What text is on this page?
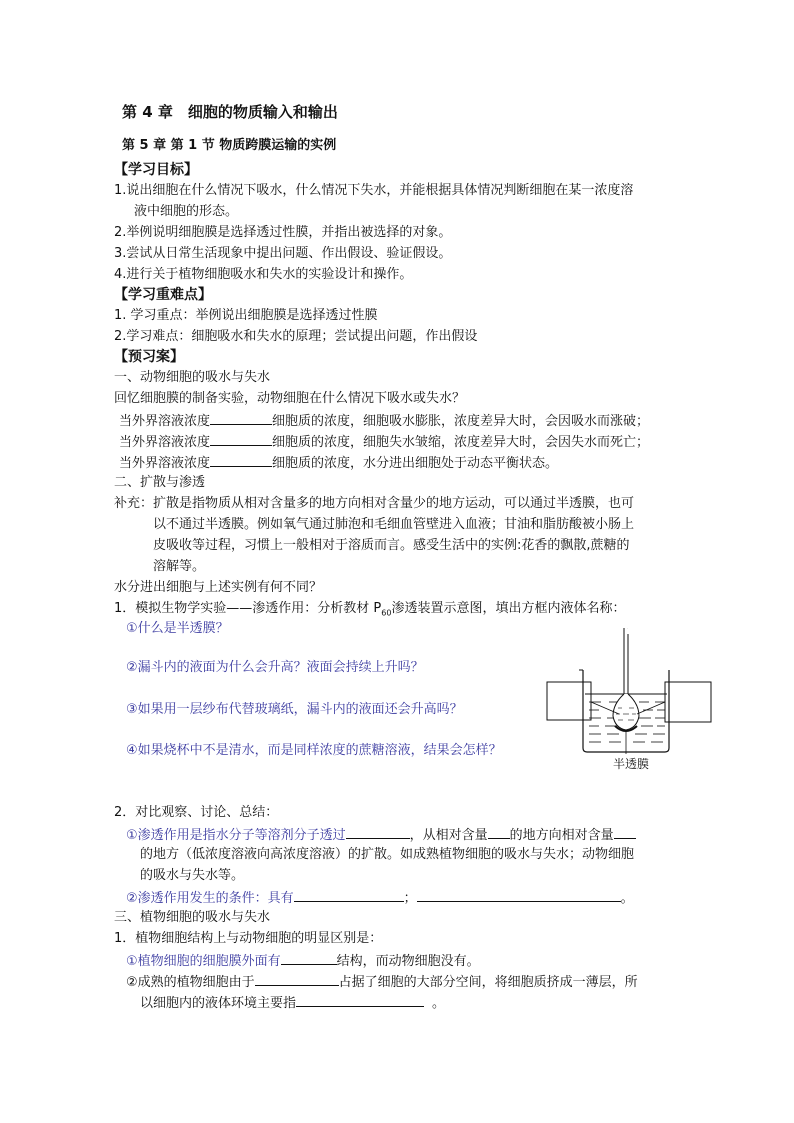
第 4 章　细胞的物质输入和输出
第 5 章 第 1 节 物质跨膜运输的实例
【学习目标】
1.说出细胞在什么情况下吸水，什么情况下失水，并能根据具体情况判断细胞在某一浓度溶
液中细胞的形态。
2.举例说明细胞膜是选择透过性膜，并指出被选择的对象。
3.尝试从日常生活现象中提出问题、作出假设、验证假设。
4.进行关于植物细胞吸水和失水的实验设计和操作。
【学习重难点】
1. 学习重点：举例说出细胞膜是选择透过性膜
2.学习难点：细胞吸水和失水的原理；尝试提出问题，作出假设
【预习案】
一、动物细胞的吸水与失水
回忆细胞膜的制备实验，动物细胞在什么情况下吸水或失水？
当外界溶液浓度	细胞质的浓度，细胞吸水膨胀，浓度差异大时，会因吸水而涨破；
当外界溶液浓度	细胞质的浓度，细胞失水皱缩，浓度差异大时，会因失水而死亡；
当外界溶液浓度	细胞质的浓度，水分进出细胞处于动态平衡状态。
二、扩散与渗透
补充：扩散是指物质从相对含量多的地方向相对含量少的地方运动，可以通过半透膜，也可
以不通过半透膜。例如氧气通过肺泡和毛细血管壁进入血液；甘油和脂肪酸被小肠上
皮吸收等过程，习惯上一般相对于溶质而言。感受生活中的实例:花香的飘散,蔗糖的
溶解等。
水分进出细胞与上述实例有何不同？
1．模拟生物学实验——渗透作用：分析教材 $P_{60}$渗透装置示意图，填出方框内液体名称：
①什么是半透膜？
②漏斗内的液面为什么会升高？液面会持续上升吗？
③如果用一层纱布代替玻璃纸，漏斗内的液面还会升高吗？
④如果烧杯中不是清水，而是同样浓度的蔗糖溶液，结果会怎样？
半透膜
2．对比观察、讨论、总结：
①渗透作用是指水分子等溶剂分子透过	，从相对含量 的地方向相对含量
的地方（低浓度溶液向高浓度溶液）的扩散。如成熟植物细胞的吸水与失水；动物细胞
的吸水与失水等。
②渗透作用发生的条件：具有	；	。
三、植物细胞的吸水与失水
1．植物细胞结构上与动物细胞的明显区别是：
①植物细胞的细胞膜外面有	结构，而动物细胞没有。
②成熟的植物细胞由于	占据了细胞的大部分空间，将细胞质挤成一薄层，所
以细胞内的液体环境主要指	。
